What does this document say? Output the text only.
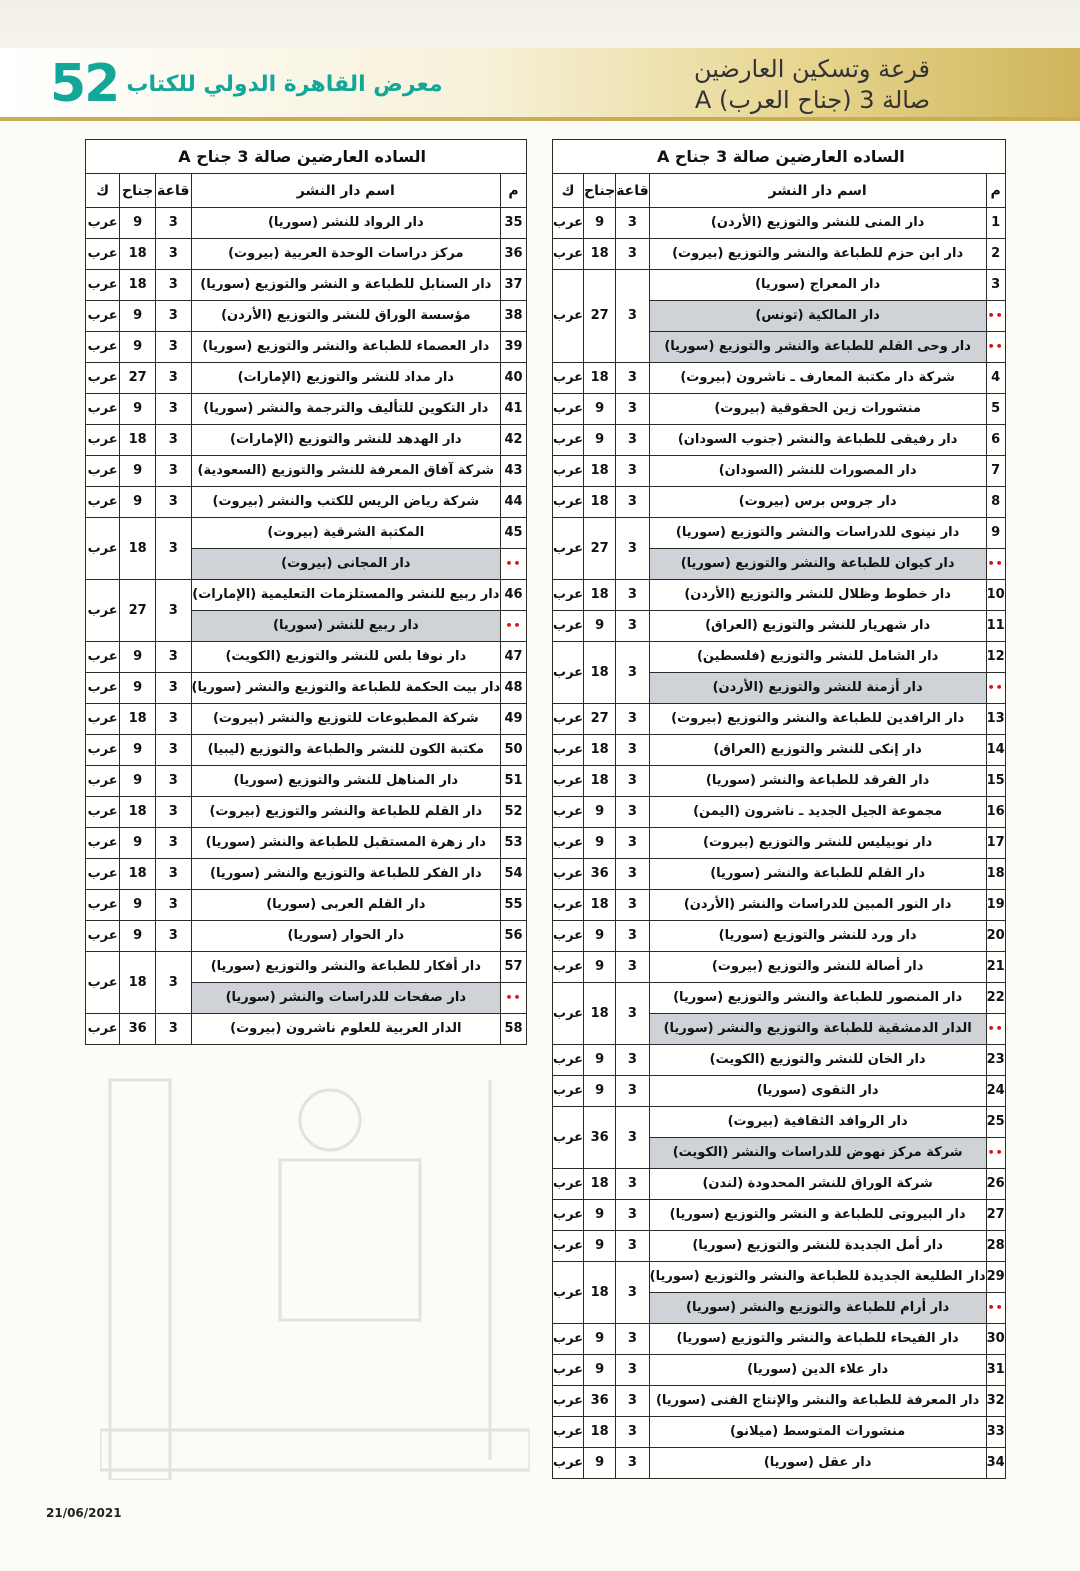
52 معرض القاهرة الدولي للكتاب
قرعة وتسكين العارضين
صالة 3 (جناح العرب) A
الساده العارضين صالة 3 جناح A				
م	اسم دار النشر	قاعة	جناح	ك
1	دار المنى للنشر والتوزيع (الأردن)	3	9	عرب
2	دار ابن حزم للطباعة والنشر والتوزيع (بيروت)	3	18	عرب
3	دار المعراج (سوريا)	3	27	عرب
••	دار المالكية (تونس)			
••	دار وحى القلم للطباعة والنشر والتوزيع (سوريا)			
4	شركة دار مكتبة المعارف ـ ناشرون (بيروت)	3	18	عرب
5	منشورات زين الحقوقية (بيروت)	3	9	عرب
6	دار رفيقى للطباعة والنشر (جنوب السودان)	3	9	عرب
7	دار المصورات للنشر (السودان)	3	18	عرب
8	دار جروس برس (بيروت)	3	18	عرب
9	دار نينوى للدراسات والنشر والتوزيع (سوريا)	3	27	عرب
••	دار كيوان للطباعة والنشر والتوزيع (سوريا)			
10	دار خطوط وظلال للنشر والتوزيع (الأردن)	3	18	عرب
11	دار شهريار للنشر والتوزيع (العراق)	3	9	عرب
12	دار الشامل للنشر والتوزيع (فلسطين)	3	18	عرب
••	دار أزمنة للنشر والتوزيع (الأردن)			
13	دار الرافدين للطباعة والنشر والتوزيع (بيروت)	3	27	عرب
14	دار إنكى للنشر والتوزيع (العراق)	3	18	عرب
15	دار الفرقد للطباعة والنشر (سوريا)	3	18	عرب
16	مجموعة الجيل الجديد ـ ناشرون (اليمن)	3	9	عرب
17	دار نوبيليس للنشر والتوزيع (بيروت)	3	9	عرب
18	دار القلم للطباعة والنشر (سوريا)	3	36	عرب
19	دار النور المبين للدراسات والنشر (الأردن)	3	18	عرب
20	دار ورد للنشر والتوزيع (سوريا)	3	9	عرب
21	دار أصالة للنشر والتوزيع (بيروت)	3	9	عرب
22	دار المنصور للطباعة والنشر والتوزيع (سوريا)	3	18	عرب
••	الدار الدمشقية للطباعة والتوزيع والنشر (سوريا)			
23	دار الخان للنشر والتوزيع (الكويت)	3	9	عرب
24	دار التقوى (سوريا)	3	9	عرب
25	دار الروافد الثقافية (بيروت)	3	36	عرب
••	شركة مركز نهوض للدراسات والنشر (الكويت)			
26	شركة الوراق للنشر المحدودة (لندن)	3	18	عرب
27	دار البيروتى للطباعة و النشر والتوزيع (سوريا)	3	9	عرب
28	دار أمل الجديدة للنشر والتوزيع (سوريا)	3	9	عرب
29	دار الطليعة الجديدة للطباعة والنشر والتوزيع (سوريا)	3	18	عرب
••	دار أرام للطباعة والتوزيع والنشر (سوريا)			
30	دار الفيحاء للطباعة والنشر والتوزيع (سوريا)	3	9	عرب
31	دار علاء الدين (سوريا)	3	9	عرب
32	دار المعرفة للطباعة والنشر والإنتاج الفنى (سوريا)	3	36	عرب
33	منشورات المتوسط (ميلانو)	3	18	عرب
34	دار عقل (سوريا)	3	9	عرب
الساده العارضين صالة 3 جناح A				
م	اسم دار النشر	قاعة	جناح	ك
35	دار الرواد للنشر (سوريا)	3	9	عرب
36	مركز دراسات الوحدة العربية (بيروت)	3	18	عرب
37	دار السنابل للطباعة و النشر والتوزيع (سوريا)	3	18	عرب
38	مؤسسة الوراق للنشر والتوزيع (الأردن)	3	9	عرب
39	دار العصماء للطباعة والنشر والتوزيع (سوريا)	3	9	عرب
40	دار مداد للنشر والتوزيع (الإمارات)	3	27	عرب
41	دار التكوين للتأليف والترجمة والنشر (سوريا)	3	9	عرب
42	دار الهدهد للنشر والتوزيع (الإمارات)	3	18	عرب
43	شركة آفاق المعرفة للنشر والتوزيع (السعودية)	3	9	عرب
44	شركة رياض الريس للكتب والنشر (بيروت)	3	9	عرب
45	المكتبة الشرقية (بيروت)	3	18	عرب
••	دار المجانى (بيروت)			
46	دار ربيع للنشر والمستلزمات التعليمية (الإمارات)	3	27	عرب
••	دار ربيع للنشر (سوريا)			
47	دار نوفا بلس للنشر والتوزيع (الكويت)	3	9	عرب
48	دار بيت الحكمة للطباعة والتوزيع والنشر (سوريا)	3	9	عرب
49	شركة المطبوعات للتوزيع والنشر (بيروت)	3	18	عرب
50	مكتبة الكون للنشر والطباعة والتوزيع (ليبيا)	3	9	عرب
51	دار المناهل للنشر والتوزيع (سوريا)	3	9	عرب
52	دار القلم للطباعة والنشر والتوزيع (بيروت)	3	18	عرب
53	دار زهرة المستقبل للطباعة والنشر (سوريا)	3	9	عرب
54	دار الفكر للطباعة والتوزيع والنشر (سوريا)	3	18	عرب
55	دار القلم العربى (سوريا)	3	9	عرب
56	دار الحوار (سوريا)	3	9	عرب
57	دار أفكار للطباعة والنشر والتوزيع (سوريا)	3	18	عرب
••	دار صفحات للدراسات والنشر (سوريا)			
58	الدار العربية للعلوم ناشرون (بيروت)	3	36	عرب
21/06/2021
